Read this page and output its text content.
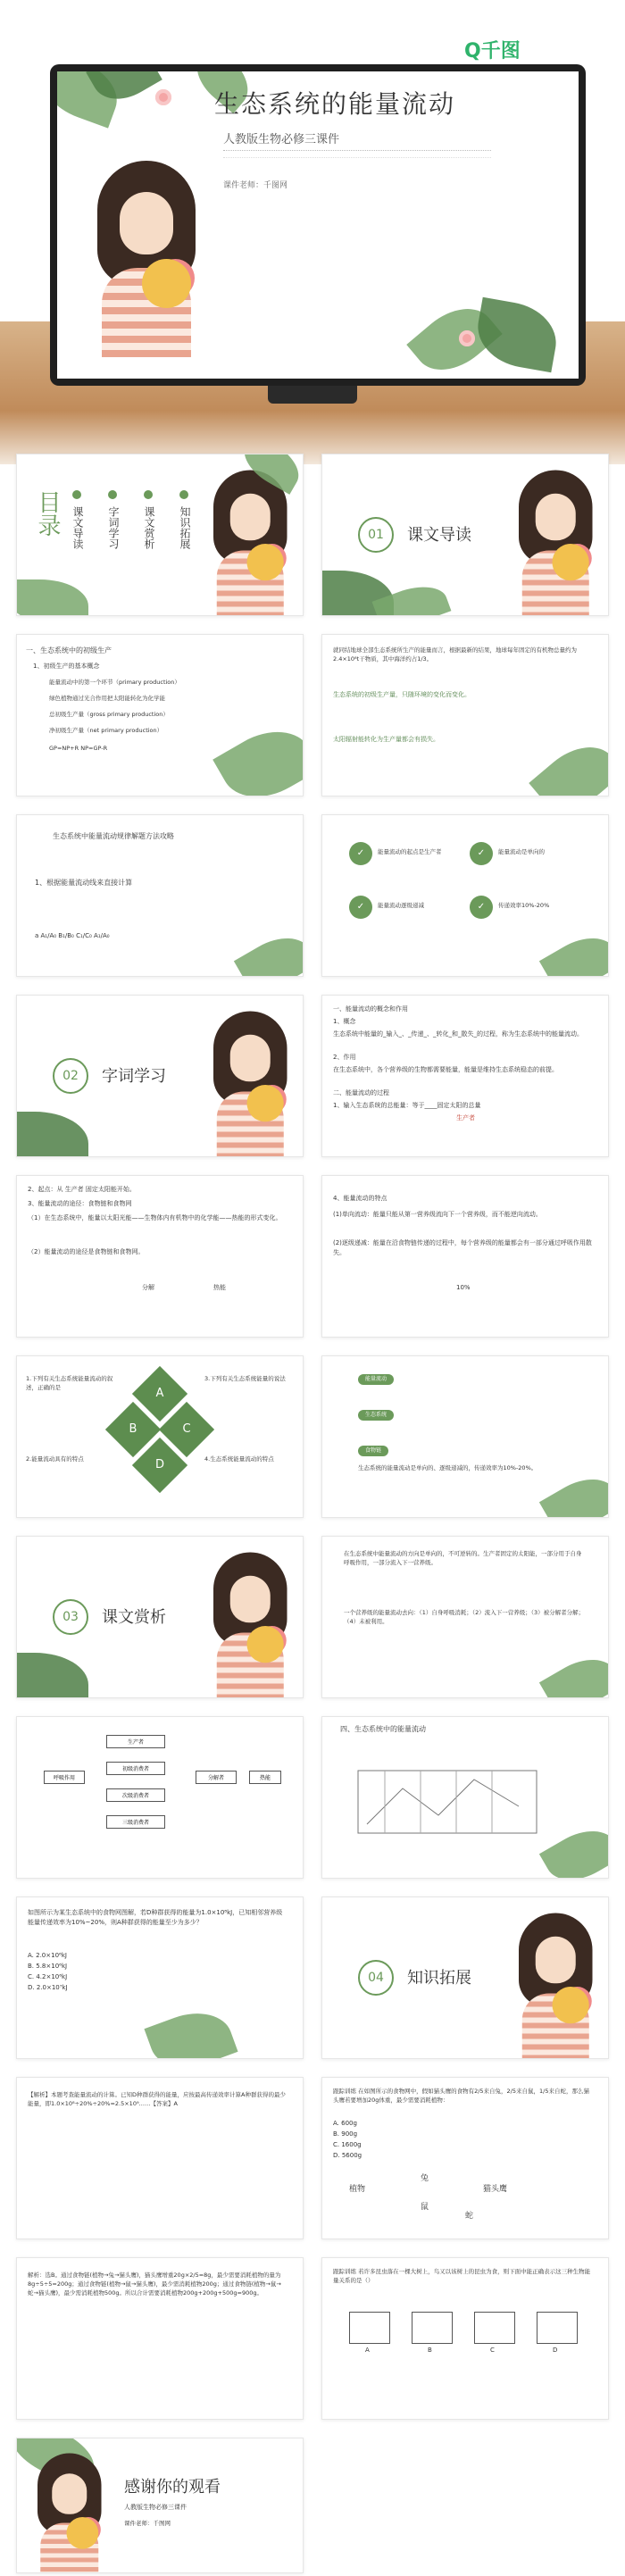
Q千图
生态系统的能量流动
人教版生物必修三课件
课件老师：千图网
目录	课文导读 字词学习 课文赏析 知识拓展	01	课文导读
一、生态系统中的初级生产
1、初级生产的基本概念
能量流动中的第一个环节（primary production）
绿色植物通过光合作用把太阳能转化为化学能
总初级生产量（gross primary production）
净初级生产量（net primary production）
GP=NP+R NP=GP-R
就同结地球全部生态系统所生产的能量而言，根据最新的结果，地球每年固定的有机物总量约为2.4×10⁸t干物质，其中海洋约占1/3。
生态系统的初级生产量，只随环境的变化而变化。
太阳辐射能转化为生产量都会有损失。
生态系统中能量流动规律解题方法攻略
1、根据能量流动线来直接计算
a A₁/A₀ B₁/B₀ C₁/C₀ A₁/A₀
✓	能量流动的起点是生产者	✓	能量流动是单向的
✓	能量流动逐级递减	✓	传递效率10%-20%
02	字词学习
一、能量流动的概念和作用
1、概念
生态系统中能量的_输入_、_传递_、_转化_和_散失_的过程，称为生态系统中的能量流动。
2、作用
在生态系统中，各个营养级的生物都需要能量，能量是维持生态系统稳态的前提。
二、能量流动的过程
1、输入生态系统的总能量：等于____固定太阳的总量
生产者
2、起点：从 生产者 固定太阳能开始。
3、能量流动的途径：食物链和食物网
（1）在生态系统中，能量以太阳光能——生物体内有机物中的化学能——热能的形式变化。
（2）能量流动的途径是食物链和食物网。
分解	热能
4、能量流动的特点
(1)单向流动：能量只能从第一营养级流向下一个营养级，而不能逆向流动。
(2)逐级递减：能量在沿食物链传递的过程中，每个营养级的能量都会有一部分通过呼吸作用散失。
10%
1.下列有关生态系统能量流动的叙述，正确的是
2.能量流动具有的特点
3.下列有关生态系统能量的说法
4.生态系统能量流动的特点
A
B	C
D
能量流动
生态系统
食物链
生态系统的能量流动是单向的、逐级递减的，传递效率为10%-20%。
03	课文赏析
在生态系统中能量流动的方向是单向的，不可逆转的。生产者固定的太阳能，一部分用于自身呼吸作用，一部分流入下一营养级。
一个营养级的能量流动去向：（1）自身呼吸消耗；（2）流入下一营养级；（3）被分解者分解；（4）未被利用。
生产者
初级消费者
次级消费者
三级消费者
分解者
呼吸作用	热能
四、生态系统中的能量流动
如图所示为某生态系统中的食物网图解，若D种群获得的能量为1.0×10⁸kJ，已知相邻营养级能量传递效率为10%~20%，则A种群获得的能量至少为多少？
A. 2.0×10⁶kJ
B. 5.8×10⁶kJ
C. 4.2×10⁶kJ
D. 2.0×10⁷kJ
04	知识拓展
【解析】本题考查能量流动的计算。已知D种群获得的能量，应按最高传递效率计算A种群获得的最少能量，即1.0×10⁸÷20%÷20%=2.5×10⁹……【答案】A
跟踪训练 在如图所示的食物网中，假如猫头鹰的食物有2/5来自兔，2/5来自鼠，1/5来自蛇，那么猫头鹰若要增加20g体重，最少需要消耗植物：
A. 600g
B. 900g
C. 1600g
D. 5600g
植物
兔
猫头鹰
鼠
蛇
解析：选B。通过食物链(植物→兔→猫头鹰)，猫头鹰增重20g×2/5=8g，最少需要消耗植物的量为8g÷5÷5=200g；通过食物链(植物→鼠→猫头鹰)，最少需消耗植物200g；通过食物链(植物→鼠→蛇→猫头鹰)，最少需消耗植物500g。所以合计需要消耗植物200g+200g+500g=900g。
跟踪训练 若许多昆虫落在一棵大树上，鸟又以该树上的昆虫为食，则下面中能正确表示这三种生物能量关系的是（）
A	B	C	D
感谢你的观看
人教版生物必修三课件
课件老师：千图网
